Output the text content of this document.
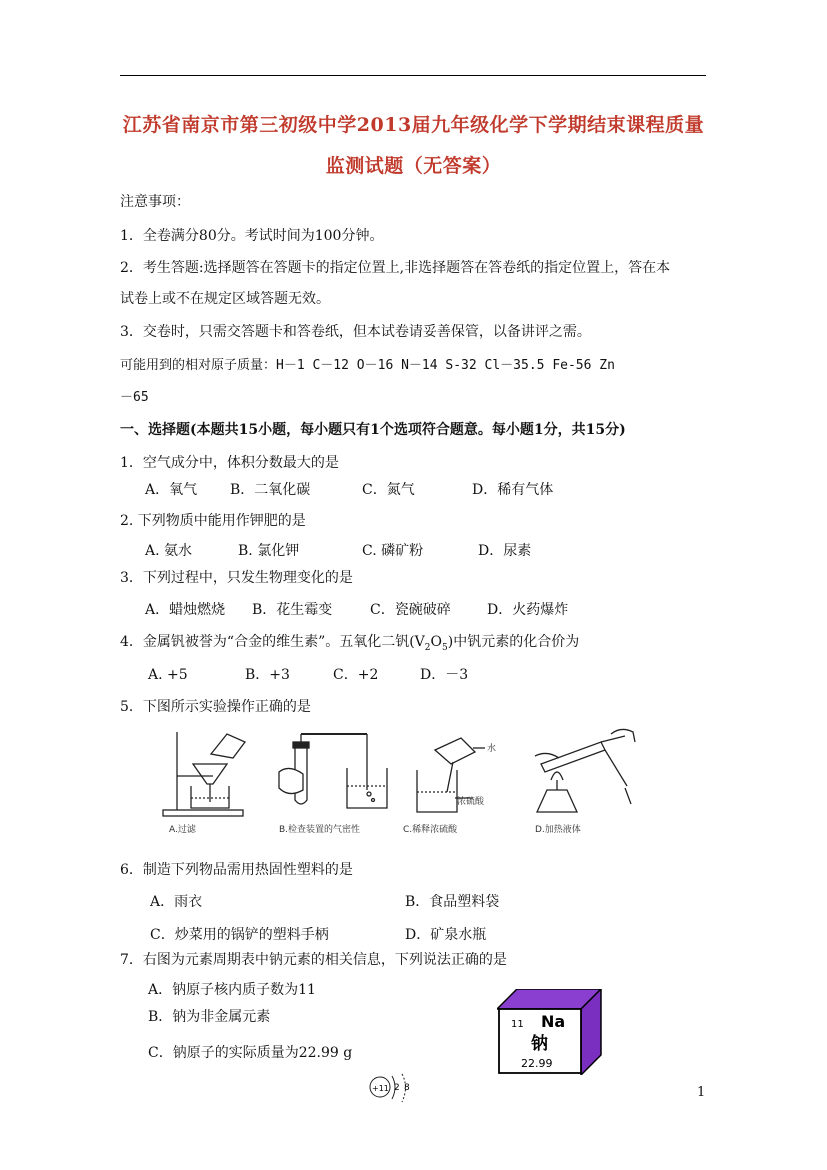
江苏省南京市第三初级中学2013届九年级化学下学期结束课程质量
监测试题（无答案）
注意事项：
1．全卷满分80分。考试时间为100分钟。
2．考生答题:选择题答在答题卡的指定位置上,非选择题答在答卷纸的指定位置上，答在本
试卷上或不在规定区域答题无效。
3．交卷时，只需交答题卡和答卷纸，但本试卷请妥善保管，以备讲评之需。
可能用到的相对原子质量：H－1 C－12 O－16 N－14 S-32 Cl－35.5 Fe-56 Zn
－65
一、选择题(本题共15小题，每小题只有1个选项符合题意。每小题1分，共15分)
1．空气成分中，体积分数最大的是
A．氧气 B．二氧化碳	C．氮气	D．稀有气体
2. 下列物质中能用作钾肥的是
A. 氨水	B. 氯化钾	C. 磷矿粉	D．尿素
3．下列过程中，只发生物理变化的是
A．蜡烛燃烧 B．花生霉变	C．瓷碗破碎	D．火药爆炸
4．金属钒被誉为“合金的维生素”。五氧化二钒$(V_2O_5)$中钒元素的化合价为
A. +5	B．+3	C．+2	D．－3
5．下图所示实验操作正确的是
A.过滤	B.检查装置的气密性
水
浓硫酸
C.稀释浓硫酸	D.加热液体
6．制造下列物品需用热固性塑料的是
A．雨衣	B．食品塑料袋
C．炒菜用的锅铲的塑料手柄	D．矿泉水瓶
7．右图为元素周期表中钠元素的相关信息，下列说法正确的是
A．钠原子核内质子数为11
B．钠为非金属元素
C．钠原子的实际质量为22.99 g
11 Na
钠
22.99
+11 2 8	1
